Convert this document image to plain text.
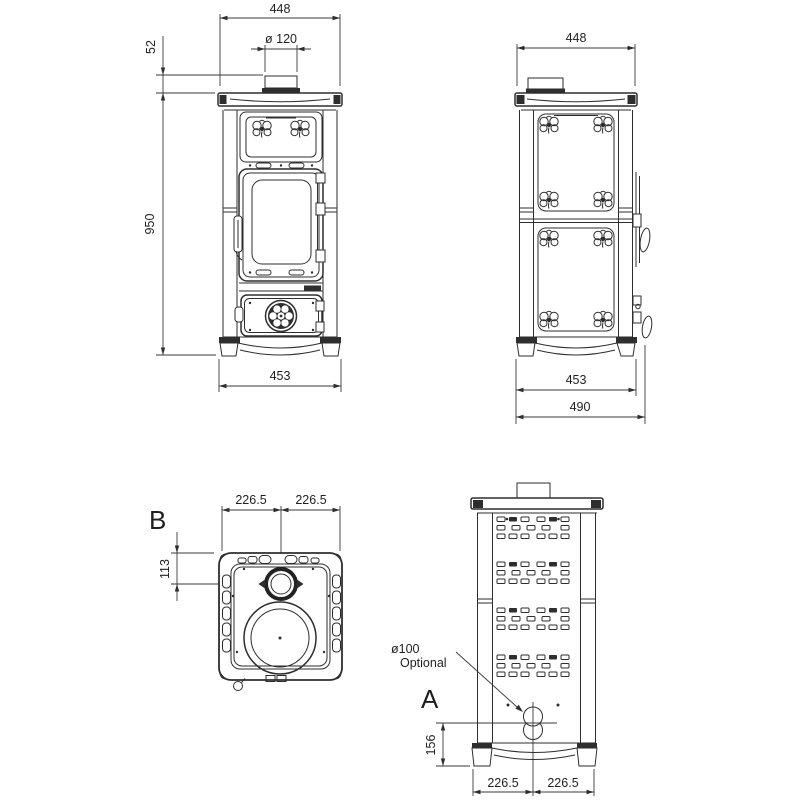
448
ø 120
52
950
453
448
453
490
B
226.5 226.5
113
A
ø100
Optional
156
226.5 226.5
